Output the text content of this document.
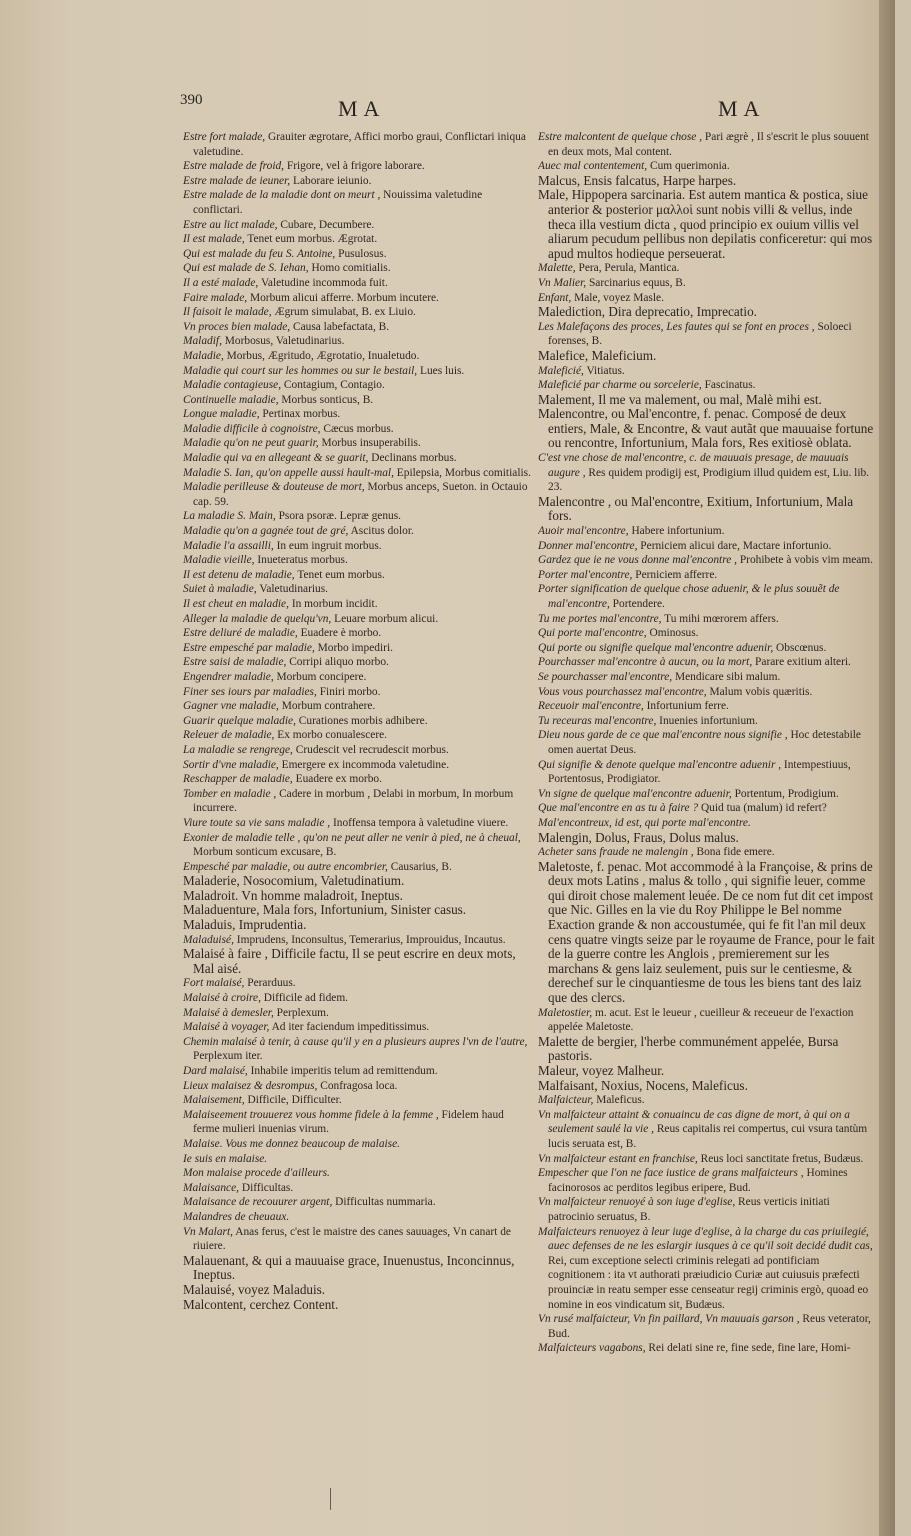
390	MA	MA

Estre fort malade, Grauiter ægrotare, Affici morbo graui, Conflictari iniqua valetudine.

Estre malade de froid, Frigore, vel à frigore laborare.

Estre malade de ieuner, Laborare ieiunio.

Estre malade de la maladie dont on meurt , Nouissima valetudine conflictari.

Estre au lict malade, Cubare, Decumbere.

Il est malade, Tenet eum morbus. Ægrotat.

Qui est malade du feu S. Antoine, Pusulosus.

Qui est malade de S. Iehan, Homo comitialis.

Il a esté malade, Valetudine incommoda fuit.

Faire malade, Morbum alicui afferre. Morbum incutere.

Il faisoit le malade, Ægrum simulabat, B. ex Liuio.

Vn proces bien malade, Causa labefactata, B.

Maladif, Morbosus, Valetudinarius.

Maladie, Morbus, Ægritudo, Ægrotatio, Inualetudo.

Maladie qui court sur les hommes ou sur le bestail, Lues luis.

Maladie contagieuse, Contagium, Contagio.

Continuelle maladie, Morbus sonticus, B.

Longue maladie, Pertinax morbus.

Maladie difficile à cognoistre, Cæcus morbus.

Maladie qu'on ne peut guarir, Morbus insuperabilis.

Maladie qui va en allegeant & se guarit, Declinans morbus.

Maladie S. Ian, qu'on appelle aussi hault-mal, Epilepsia, Morbus comitialis.

Maladie perilleuse & douteuse de mort, Morbus anceps, Sueton. in Octauio cap. 59.

La maladie S. Main, Psora psoræ. Lepræ genus.

Maladie qu'on a gagnée tout de gré, Ascitus dolor.

Maladie l'a assailli, In eum ingruit morbus.

Maladie vieille, Inueteratus morbus.

Il est detenu de maladie, Tenet eum morbus.

Suiet à maladie, Valetudinarius.

Il est cheut en maladie, In morbum incidit.

Alleger la maladie de quelqu'vn, Leuare morbum alicui.

Estre deliuré de maladie, Euadere è morbo.

Estre empesché par maladie, Morbo impediri.

Estre saisi de maladie, Corripi aliquo morbo.

Engendrer maladie, Morbum concipere.

Finer ses iours par maladies, Finiri morbo.

Gagner vne maladie, Morbum contrahere.

Guarir quelque maladie, Curationes morbis adhibere.

Releuer de maladie, Ex morbo conualescere.

La maladie se rengrege, Crudescit vel recrudescit morbus.

Sortir d'vne maladie, Emergere ex incommoda valetudine.

Reschapper de maladie, Euadere ex morbo.

Tomber en maladie , Cadere in morbum , Delabi in morbum, In morbum incurrere.

Viure toute sa vie sans maladie , Inoffensa tempora à valetudine viuere.

Exonier de maladie telle , qu'on ne peut aller ne venir à pied, ne à cheual, Morbum sonticum excusare, B.

Empesché par maladie, ou autre encombrier, Causarius, B.

Maladerie, Nosocomium, Valetudinatium.

Maladroit. Vn homme maladroit, Ineptus.

Maladuenture, Mala fors, Infortunium, Sinister casus.

Maladuis, Imprudentia.

Maladuisé, Imprudens, Inconsultus, Temerarius, Improuidus, Incautus.

Malaisé à faire , Difficile factu, Il se peut escrire en deux mots, Mal aisé.

Fort malaisé, Perarduus.

Malaisé à croire, Difficile ad fidem.

Malaisé à demesler, Perplexum.

Malaisé à voyager, Ad iter faciendum impeditissimus.

Chemin malaisé à tenir, à cause qu'il y en a plusieurs aupres l'vn de l'autre, Perplexum iter.

Dard malaisé, Inhabile imperitis telum ad remittendum.

Lieux malaisez & desrompus, Confragosa loca.

Malaisement, Difficile, Difficulter.

Malaiseement trouuerez vous homme fidele à la femme , Fidelem haud ferme mulieri inuenias virum.

Malaise. Vous me donnez beaucoup de malaise.

Ie suis en malaise.

Mon malaise procede d'ailleurs.

Malaisance, Difficultas.

Malaisance de recouurer argent, Difficultas nummaria.

Malandres de cheuaux.

Vn Malart, Anas ferus, c'est le maistre des canes sauuages, Vn canart de riuiere.

Malauenant, & qui a mauuaise grace, Inuenustus, Inconcinnus, Ineptus.

Malauisé, voyez Maladuis.

Malcontent, cerchez Content.

Estre malcontent de quelque chose , Pari ægrè , Il s'escrit le plus souuent en deux mots, Mal content.

Auec mal contentement, Cum querimonia.

Malcus, Ensis falcatus, Harpe harpes.

Male, Hippopera sarcinaria. Est autem mantica & postica, siue anterior & posterior μαλλοὶ sunt nobis villi & vellus, inde theca illa vestium dicta , quod principio ex ouium villis vel aliarum pecudum pellibus non depilatis conficeretur: qui mos apud multos hodieque perseuerat.

Malette, Pera, Perula, Mantica.

Vn Malier, Sarcinarius equus, B.

Enfant, Male, voyez Masle.

Malediction, Dira deprecatio, Imprecatio.

Les Malefaçons des proces, Les fautes qui se font en proces , Soloeci forenses, B.

Malefice, Maleficium.

Maleficié, Vitiatus.

Maleficié par charme ou sorcelerie, Fascinatus.

Malement, Il me va malement, ou mal, Malè mihi est.

Malencontre, ou Mal'encontre, f. penac. Composé de deux entiers, Male, & Encontre, & vaut autãt que mauuaise fortune ou rencontre, Infortunium, Mala fors, Res exitiosè oblata.

C'est vne chose de mal'encontre, c. de mauuais presage, de mauuais augure , Res quidem prodigij est, Prodigium illud quidem est, Liu. lib. 23.

Malencontre , ou Mal'encontre, Exitium, Infortunium, Mala fors.

Auoir mal'encontre, Habere infortunium.

Donner mal'encontre, Perniciem alicui dare, Mactare infortunio.

Gardez que ie ne vous donne mal'encontre , Prohibete à vobis vim meam.

Porter mal'encontre, Perniciem afferre.

Porter signification de quelque chose aduenir, & le plus souuẽt de mal'encontre, Portendere.

Tu me portes mal'encontre, Tu mihi mœrorem affers.

Qui porte mal'encontre, Ominosus.

Qui porte ou signifie quelque mal'encontre aduenir, Obscœnus.

Pourchasser mal'encontre à aucun, ou la mort, Parare exitium alteri.

Se pourchasser mal'encontre, Mendicare sibi malum.

Vous vous pourchassez mal'encontre, Malum vobis quæritis.

Receuoir mal'encontre, Infortunium ferre.

Tu receuras mal'encontre, Inuenies infortunium.

Dieu nous garde de ce que mal'encontre nous signifie , Hoc detestabile omen auertat Deus.

Qui signifie & denote quelque mal'encontre aduenir , Intempestiuus, Portentosus, Prodigiator.

Vn signe de quelque mal'encontre aduenir, Portentum, Prodigium.

Que mal'encontre en as tu à faire ? Quid tua (malum) id refert?

Mal'encontreux, id est, qui porte mal'encontre.

Malengin, Dolus, Fraus, Dolus malus.

Acheter sans fraude ne malengin , Bona fide emere.

Maletoste, f. penac. Mot accommodé à la Françoise, & prins de deux mots Latins , malus & tollo , qui signifie leuer, comme qui diroit chose malement leuée. De ce nom fut dit cet impost que Nic. Gilles en la vie du Roy Philippe le Bel nomme Exaction grande & non accoustumée, qui fe fit l'an mil deux cens quatre vingts seize par le royaume de France, pour le fait de la guerre contre les Anglois , premierement sur les marchans & gens laiz seulement, puis sur le centiesme, & derechef sur le cinquantiesme de tous les biens tant des laiz que des clercs.

Maletostier, m. acut. Est le leueur , cueilleur & receueur de l'exaction appelée Maletoste.

Malette de bergier, l'herbe communément appelée, Bursa pastoris.

Maleur, voyez Malheur.

Malfaisant, Noxius, Nocens, Maleficus.

Malfaicteur, Maleficus.

Vn malfaicteur attaint & conuaincu de cas digne de mort, à qui on a seulement saulé la vie , Reus capitalis rei compertus, cui vsura tantùm lucis seruata est, B.

Vn malfaicteur estant en franchise, Reus loci sanctitate fretus, Budæus.

Empescher que l'on ne face iustice de grans malfaicteurs , Homines facinorosos ac perditos legibus eripere, Bud.

Vn malfaicteur renuoyé à son iuge d'eglise, Reus verticis initiati patrocinio seruatus, B.

Malfaicteurs renuoyez à leur iuge d'eglise, à la charge du cas priuilegié, auec defenses de ne les eslargir iusques à ce qu'il soit decidé dudit cas, Rei, cum exceptione selecti criminis relegati ad pontificiam cognitionem : ita vt authorati præiudicio Curiæ aut cuiusuis præfecti prouinciæ in reatu semper esse censeatur regij criminis ergò, quoad eo nomine in eos vindicatum sit, Budæus.

Vn rusé malfaicteur, Vn fin paillard, Vn mauuais garson , Reus veterator, Bud.

Malfaicteurs vagabons, Rei delati sine re, fine sede, fine lare, Homi-
